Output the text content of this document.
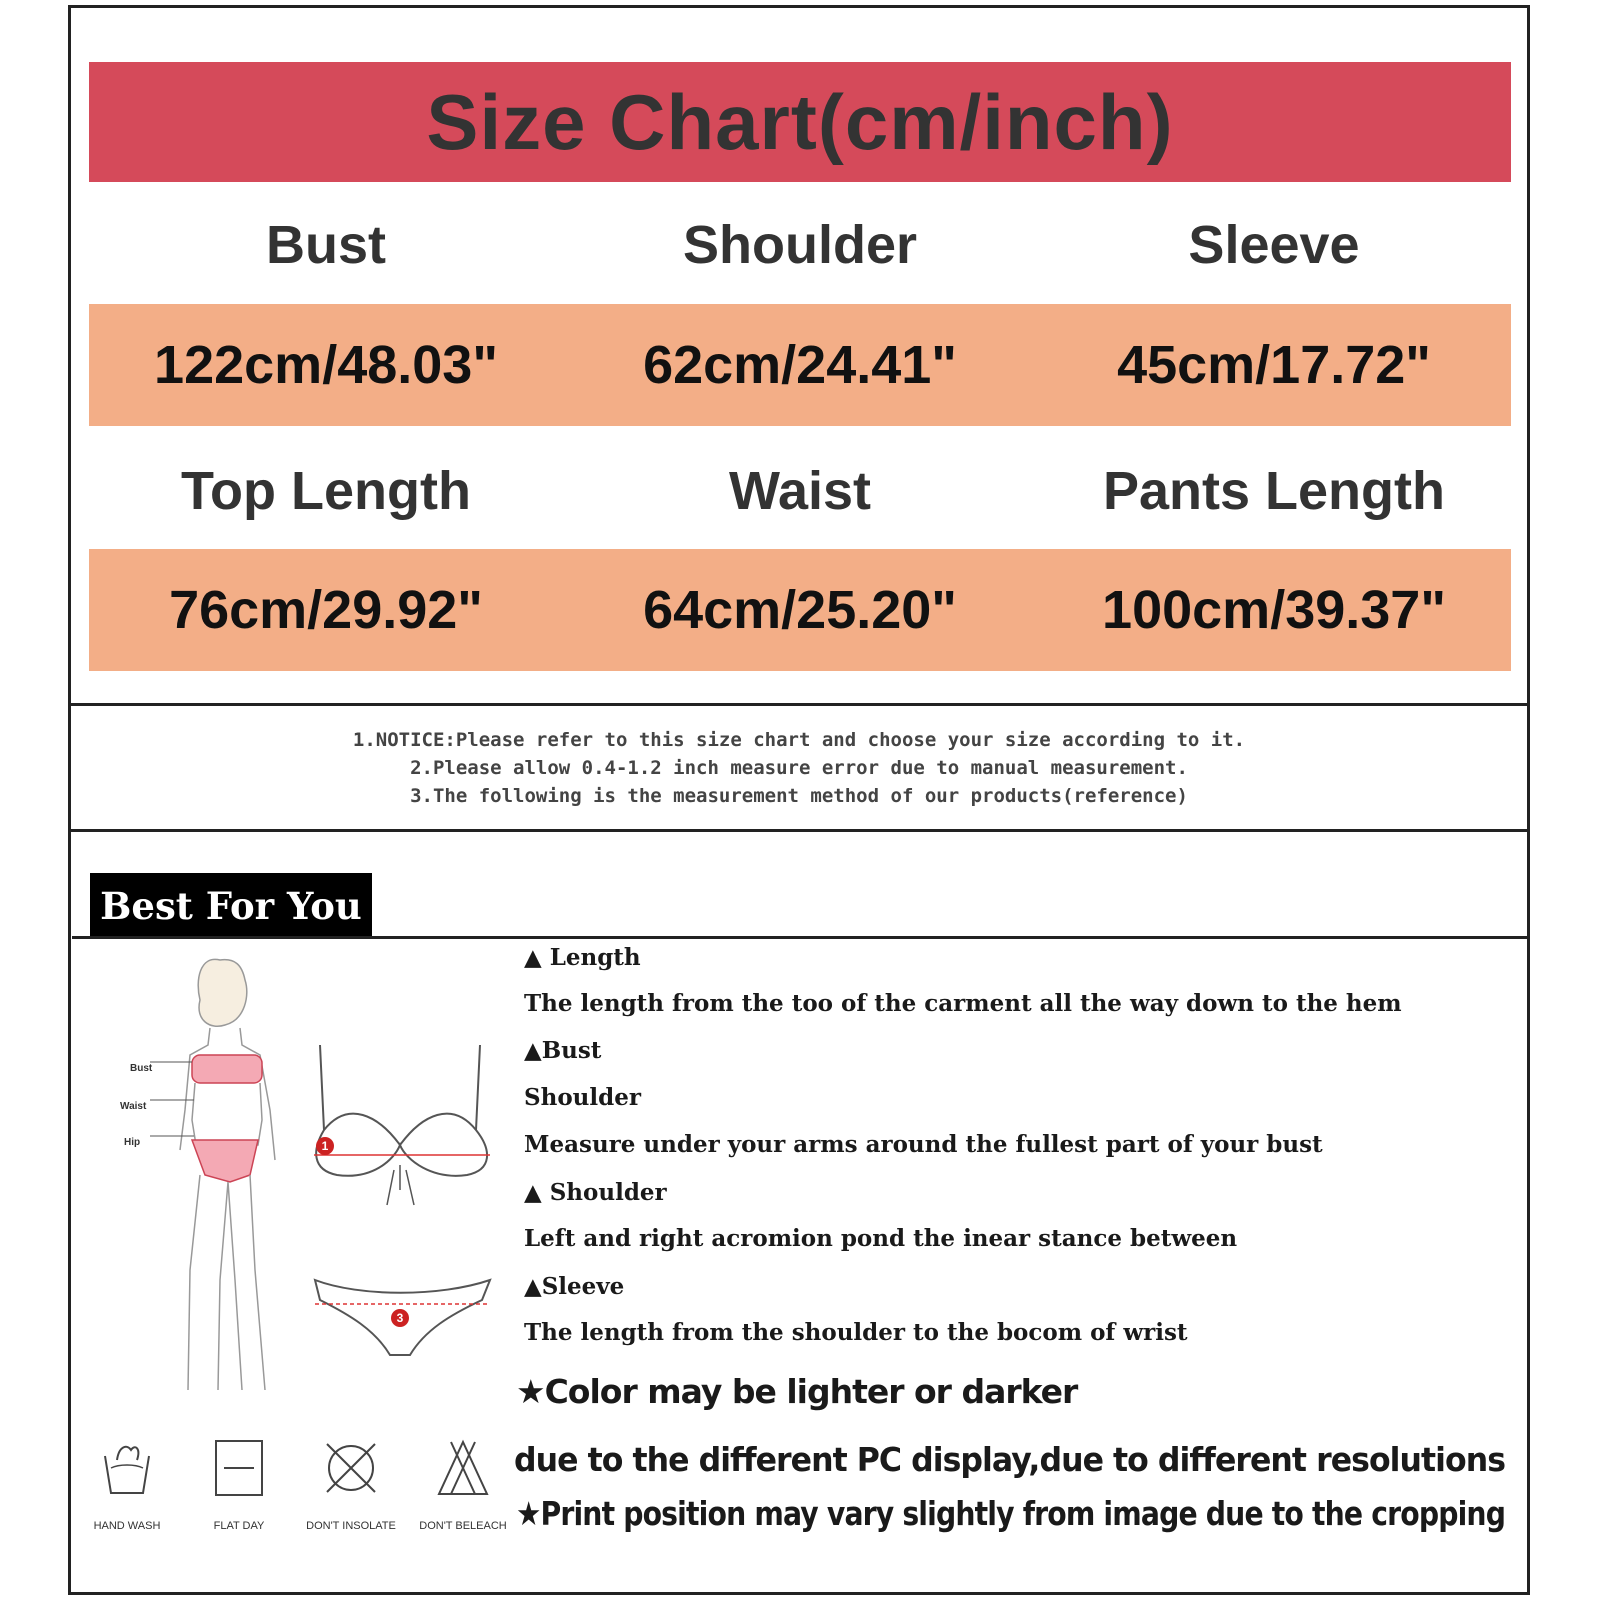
Size Chart(cm/inch)
Bust	Shoulder	Sleeve
122cm/48.03"	62cm/24.41"	45cm/17.72"
Top Length	Waist	Pants Length
76cm/29.92"	64cm/25.20"	100cm/39.37"
1.NOTICE:Please refer to this size chart and choose your size according to it.
2.Please allow 0.4-1.2 inch measure error due to manual measurement.
3.The following is the measurement method of our products(reference)
Best For You
Bust
Waist
Hip	1
3
▲ Length
The length from the too of the carment all the way down to the hem
▲Bust
Shoulder
Measure under your arms around the fullest part of your bust
▲ Shoulder
Left and right acromion pond the inear stance between
▲Sleeve
The length from the shoulder to the bocom of wrist
★Color may be lighter or darker
due to the different PC display,due to different resolutions
★Print position may vary slightly from image due to the cropping
HAND WASH	FLAT DAY	DON'T INSOLATE	DON'T BELEACH
